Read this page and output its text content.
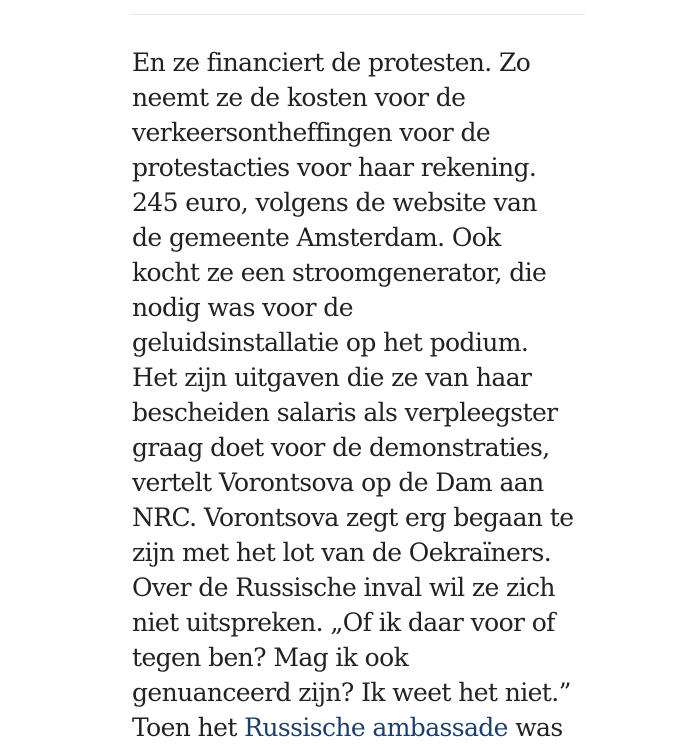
En ze financiert de protesten. Zo
neemt ze de kosten voor de
verkeersontheffingen voor de
protestacties voor haar rekening.
245 euro, volgens de website van
de gemeente Amsterdam. Ook
kocht ze een stroomgenerator, die
nodig was voor de
geluidsinstallatie op het podium.
Het zijn uitgaven die ze van haar
bescheiden salaris als verpleegster
graag doet voor de demonstraties,
vertelt Vorontsova op de Dam aan
NRC. Vorontsova zegt erg begaan te
zijn met het lot van de Oekraïners.
Over de Russische inval wil ze zich
niet uitspreken. „Of ik daar voor of
tegen ben? Mag ik ook
genuanceerd zijn? Ik weet het niet.”
Toen het Russische ambassade was
